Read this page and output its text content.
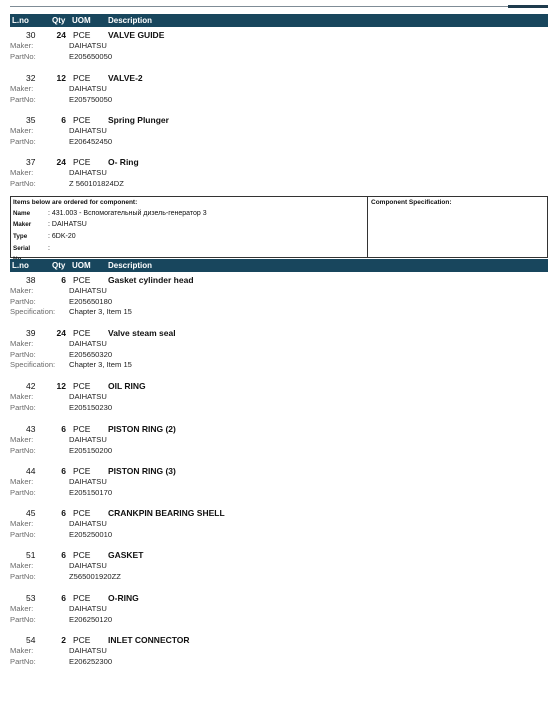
L.no	Qty UOM Description
30 24 PCE VALVE GUIDE
Maker:	DAIHATSU
PartNo:	E205650050
32 12 PCE VALVE-2
Maker:	DAIHATSU
PartNo:	E205750050
35	6 PCE Spring Plunger
Maker:	DAIHATSU
PartNo:	E206452450
37 24 PCE O- Ring
Maker:	DAIHATSU
PartNo:	Z 560101824DZ
Items below are ordered for component:	Component Specification:
Name	: 431.003 - Вспомогательный дизель-генератор 3
Maker : DAIHATSU
Type	: 6DK-20
Serial	:
L.no	Qty UOM Description
38	6 PCE Gasket cylinder head
Maker:	DAIHATSU
PartNo:	E205650180
Specification: Chapter 3, Item 15
39 24 PCE Valve steam seal
Maker:	DAIHATSU
PartNo:	E205650320
Specification: Chapter 3, Item 15
42 12 PCE OIL RING
Maker:	DAIHATSU
PartNo:	E205150230
43	6 PCE PISTON RING (2)
Maker:	DAIHATSU
PartNo:	E205150200
44	6 PCE PISTON RING (3)
Maker:	DAIHATSU
PartNo:	E205150170
45	6 PCE CRANKPIN BEARING SHELL
Maker:	DAIHATSU
PartNo:	E205250010
51	6 PCE GASKET
Maker:	DAIHATSU
PartNo:	Z565001920ZZ
53	6 PCE O-RING
Maker:	DAIHATSU
PartNo:	E206250120
54	2 PCE INLET CONNECTOR
Maker:	DAIHATSU
PartNo:	E206252300
